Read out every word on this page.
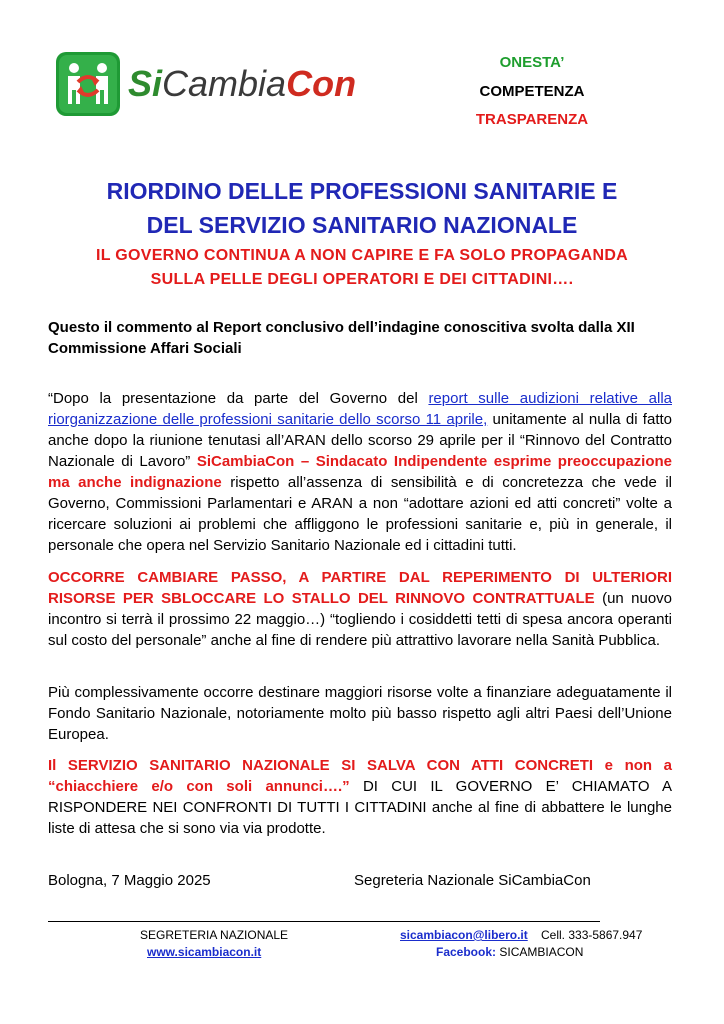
SiCambiaCon
ONESTA’
COMPETENZA
TRASPARENZA
RIORDINO DELLE PROFESSIONI SANITARIE E
DEL SERVIZIO SANITARIO NAZIONALE
IL GOVERNO CONTINUA A NON CAPIRE E FA SOLO PROPAGANDA
SULLA PELLE DEGLI OPERATORI E DEI CITTADINI….
Questo il commento al Report conclusivo dell’indagine conoscitiva svolta dalla XII Commissione Affari Sociali
“Dopo la presentazione da parte del Governo del report sulle audizioni relative alla riorganizzazione delle professioni sanitarie dello scorso 11 aprile, unitamente al nulla di fatto anche dopo la riunione tenutasi all’ARAN dello scorso 29 aprile per il “Rinnovo del Contratto Nazionale di Lavoro” SiCambiaCon – Sindacato Indipendente esprime preoccupazione ma anche indignazione rispetto all’assenza di sensibilità e di concretezza che vede il Governo, Commissioni Parlamentari e ARAN a non “adottare azioni ed atti concreti” volte a ricercare soluzioni ai problemi che affliggono le professioni sanitarie e, più in generale, il personale che opera nel Servizio Sanitario Nazionale ed i cittadini tutti.
OCCORRE CAMBIARE PASSO, A PARTIRE DAL REPERIMENTO DI ULTERIORI RISORSE PER SBLOCCARE LO STALLO DEL RINNOVO CONTRATTUALE (un nuovo incontro si terrà il prossimo 22 maggio…) “togliendo i cosiddetti tetti di spesa ancora operanti sul costo del personale” anche al fine di rendere più attrattivo lavorare nella Sanità Pubblica.
Più complessivamente occorre destinare maggiori risorse volte a finanziare adeguatamente il Fondo Sanitario Nazionale, notoriamente molto più basso rispetto agli altri Paesi dell’Unione Europea.
Il SERVIZIO SANITARIO NAZIONALE SI SALVA CON ATTI CONCRETI e non a “chiacchiere e/o con soli annunci….” DI CUI IL GOVERNO E’ CHIAMATO A RISPONDERE NEI CONFRONTI DI TUTTI I CITTADINI anche al fine di abbattere le lunghe liste di attesa che si sono via via prodotte.
Bologna, 7 Maggio 2025	Segreteria Nazionale SiCambiaCon
SEGRETERIA NAZIONALE
www.sicambiacon.it
sicambiacon@libero.it Cell. 333-5867.947
Facebook: SICAMBIACON
